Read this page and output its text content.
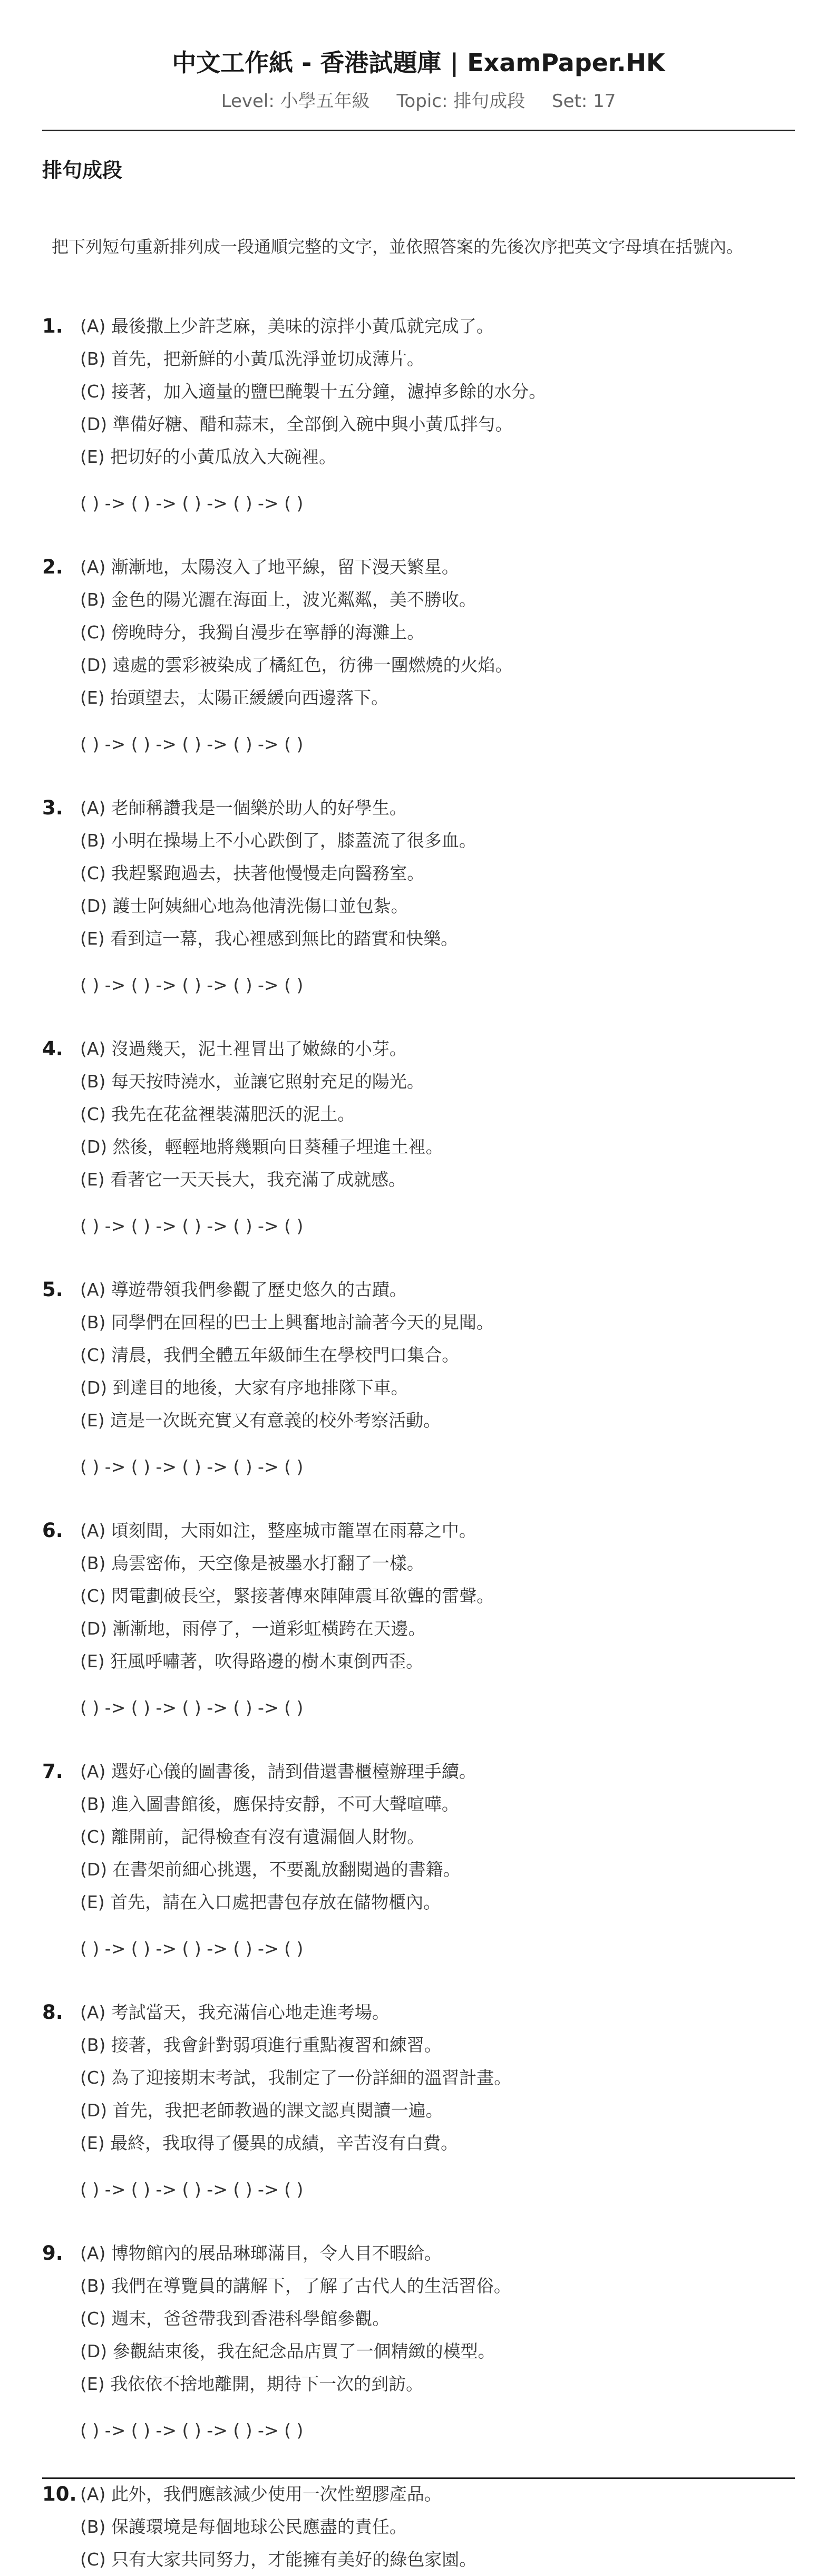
中文工作紙 - 香港試題庫 | ExamPaper.HK
Level: 小學五年級 Topic: 排句成段 Set: 17
排句成段
把下列短句重新排列成一段通順完整的文字，並依照答案的先後次序把英文字母填在括號內。
1. (A) 最後撒上少許芝麻，美味的涼拌小黃瓜就完成了。
(B) 首先，把新鮮的小黃瓜洗淨並切成薄片。
(C) 接著，加入適量的鹽巴醃製十五分鐘，濾掉多餘的水分。
(D) 準備好糖、醋和蒜末，全部倒入碗中與小黃瓜拌勻。
(E) 把切好的小黃瓜放入大碗裡。
( ) -> ( ) -> ( ) -> ( ) -> ( )
2. (A) 漸漸地，太陽沒入了地平線，留下漫天繁星。
(B) 金色的陽光灑在海面上，波光粼粼，美不勝收。
(C) 傍晚時分，我獨自漫步在寧靜的海灘上。
(D) 遠處的雲彩被染成了橘紅色，彷彿一團燃燒的火焰。
(E) 抬頭望去，太陽正緩緩向西邊落下。
( ) -> ( ) -> ( ) -> ( ) -> ( )
3. (A) 老師稱讚我是一個樂於助人的好學生。
(B) 小明在操場上不小心跌倒了，膝蓋流了很多血。
(C) 我趕緊跑過去，扶著他慢慢走向醫務室。
(D) 護士阿姨細心地為他清洗傷口並包紮。
(E) 看到這一幕，我心裡感到無比的踏實和快樂。
( ) -> ( ) -> ( ) -> ( ) -> ( )
4. (A) 沒過幾天，泥土裡冒出了嫩綠的小芽。
(B) 每天按時澆水，並讓它照射充足的陽光。
(C) 我先在花盆裡裝滿肥沃的泥土。
(D) 然後，輕輕地將幾顆向日葵種子埋進土裡。
(E) 看著它一天天長大，我充滿了成就感。
( ) -> ( ) -> ( ) -> ( ) -> ( )
5. (A) 導遊帶領我們參觀了歷史悠久的古蹟。
(B) 同學們在回程的巴士上興奮地討論著今天的見聞。
(C) 清晨，我們全體五年級師生在學校門口集合。
(D) 到達目的地後，大家有序地排隊下車。
(E) 這是一次既充實又有意義的校外考察活動。
( ) -> ( ) -> ( ) -> ( ) -> ( )
6. (A) 頃刻間，大雨如注，整座城市籠罩在雨幕之中。
(B) 烏雲密佈，天空像是被墨水打翻了一樣。
(C) 閃電劃破長空，緊接著傳來陣陣震耳欲聾的雷聲。
(D) 漸漸地，雨停了，一道彩虹橫跨在天邊。
(E) 狂風呼嘯著，吹得路邊的樹木東倒西歪。
( ) -> ( ) -> ( ) -> ( ) -> ( )
7. (A) 選好心儀的圖書後，請到借還書櫃檯辦理手續。
(B) 進入圖書館後，應保持安靜，不可大聲喧嘩。
(C) 離開前，記得檢查有沒有遺漏個人財物。
(D) 在書架前細心挑選，不要亂放翻閱過的書籍。
(E) 首先，請在入口處把書包存放在儲物櫃內。
( ) -> ( ) -> ( ) -> ( ) -> ( )
8. (A) 考試當天，我充滿信心地走進考場。
(B) 接著，我會針對弱項進行重點複習和練習。
(C) 為了迎接期末考試，我制定了一份詳細的溫習計畫。
(D) 首先，我把老師教過的課文認真閱讀一遍。
(E) 最終，我取得了優異的成績，辛苦沒有白費。
( ) -> ( ) -> ( ) -> ( ) -> ( )
9. (A) 博物館內的展品琳瑯滿目，令人目不暇給。
(B) 我們在導覽員的講解下，了解了古代人的生活習俗。
(C) 週末，爸爸帶我到香港科學館參觀。
(D) 參觀結束後，我在紀念品店買了一個精緻的模型。
(E) 我依依不捨地離開，期待下一次的到訪。
( ) -> ( ) -> ( ) -> ( ) -> ( )
10. (A) 此外，我們應該減少使用一次性塑膠產品。
(B) 保護環境是每個地球公民應盡的責任。
(C) 只有大家共同努力，才能擁有美好的綠色家園。
